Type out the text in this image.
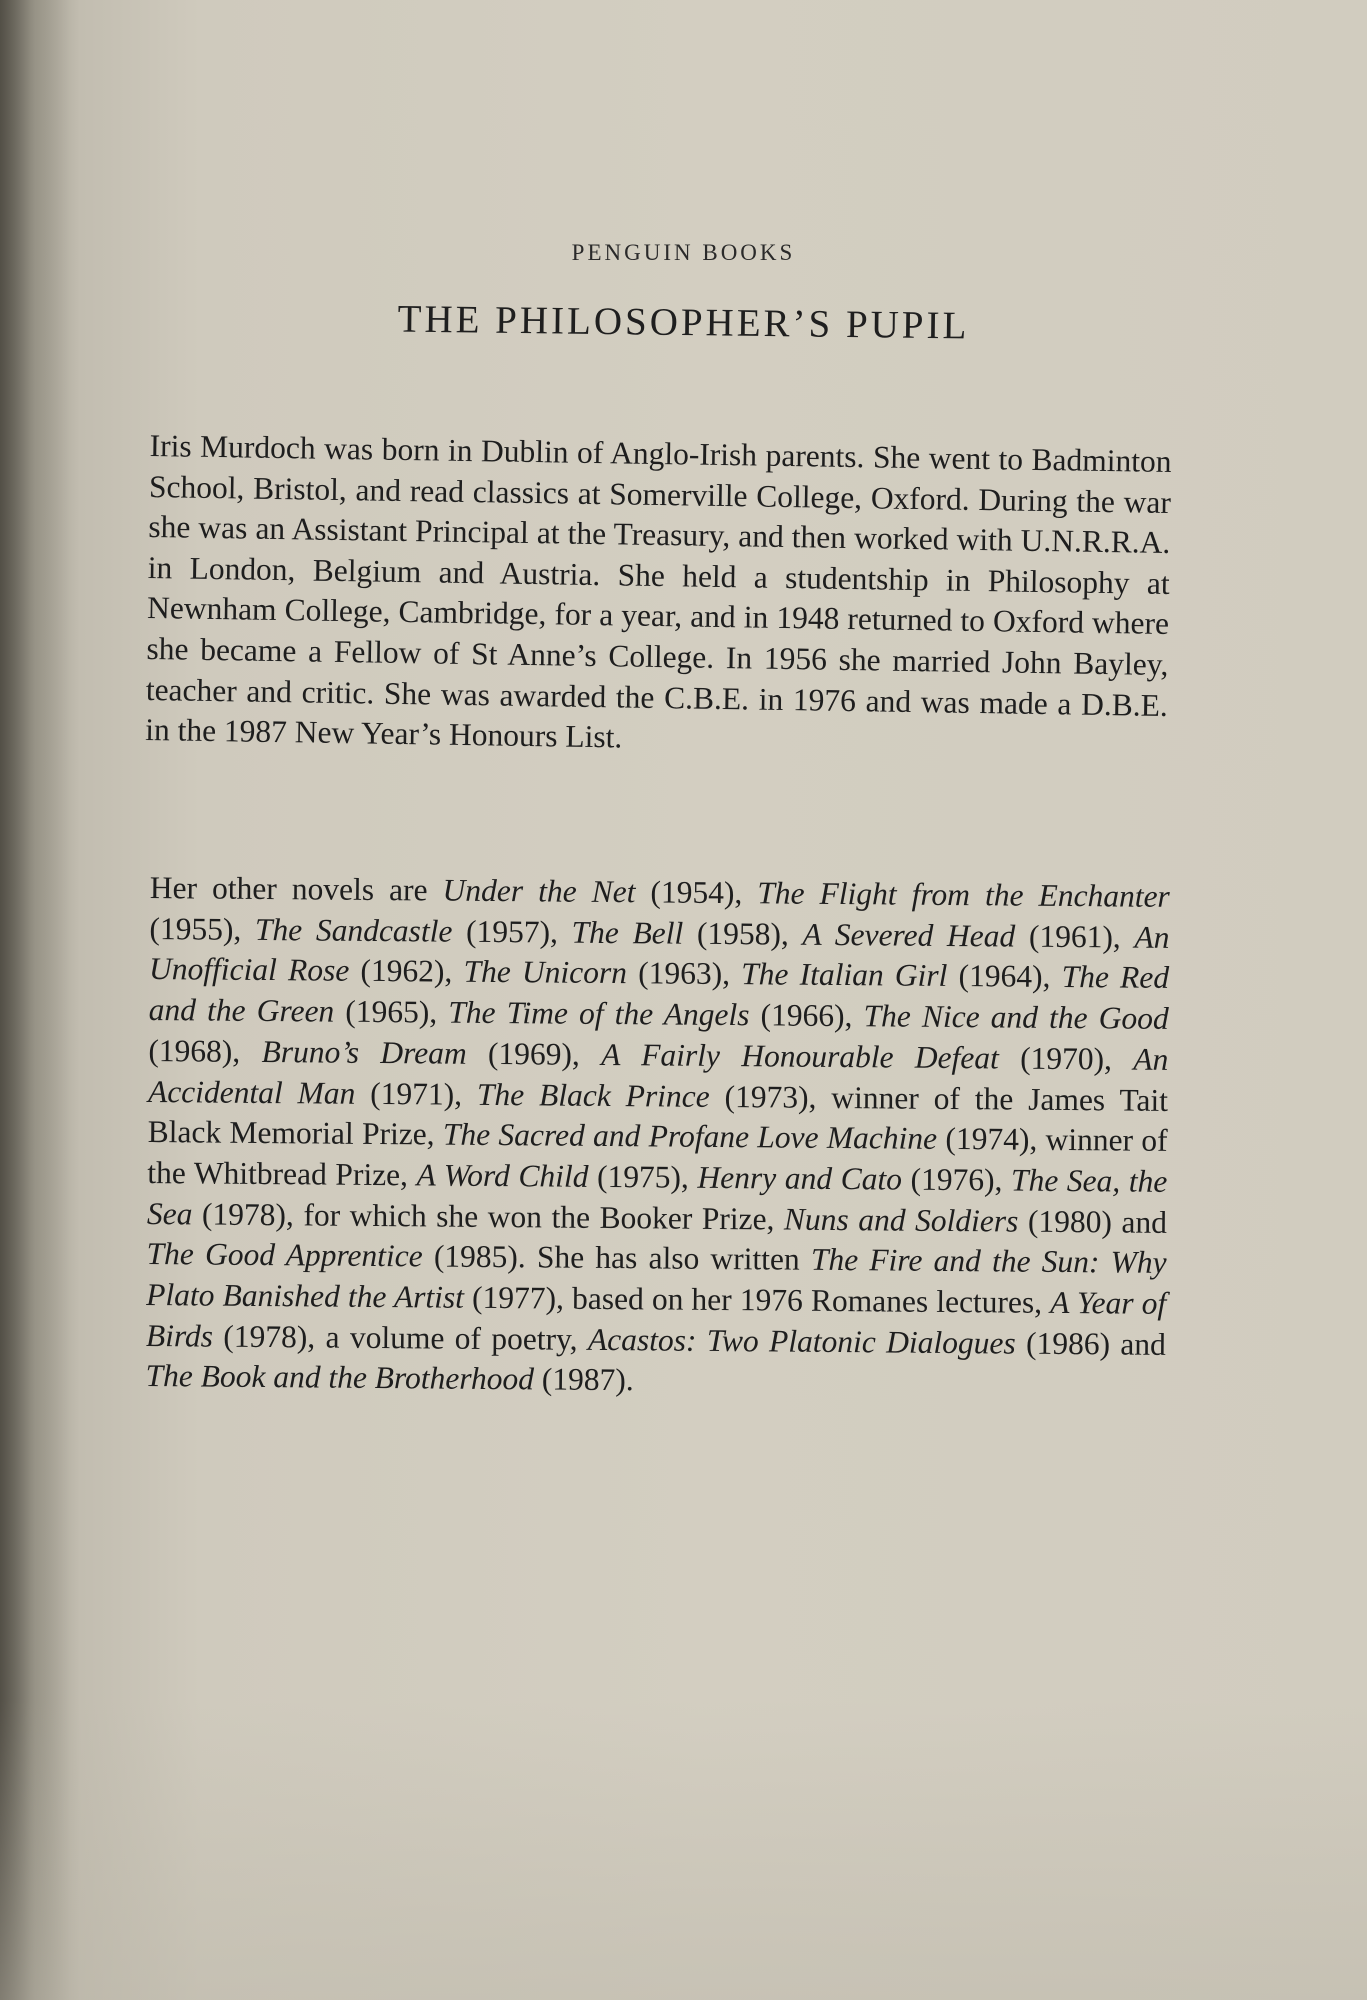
PENGUIN BOOKS
THE PHILOSOPHER’S PUPIL

Iris Murdoch was born in Dublin of Anglo-Irish parents. She went to Badminton School, Bristol, and read classics at Somerville College, Oxford. During the war she was an Assistant Principal at the Treasury, and then worked with U.N.R.R.A. in London, Belgium and Austria. She held a studentship in Philosophy at Newnham College, Cambridge, for a year, and in 1948 returned to Oxford where she became a Fellow of St Anne’s College. In 1956 she married John Bayley, teacher and critic. She was awarded the C.B.E. in 1976 and was made a D.B.E. in the 1987 New Year’s Honours List.

Her other novels are Under the Net (1954), The Flight from the Enchanter (1955), The Sandcastle (1957), The Bell (1958), A Severed Head (1961), An Unofficial Rose (1962), The Unicorn (1963), The Italian Girl (1964), The Red and the Green (1965), The Time of the Angels (1966), The Nice and the Good (1968), Bruno’s Dream (1969), A Fairly Honourable Defeat (1970), An Accidental Man (1971), The Black Prince (1973), winner of the James Tait Black Memorial Prize, The Sacred and Profane Love Machine (1974), winner of the Whitbread Prize, A Word Child (1975), Henry and Cato (1976), The Sea, the Sea (1978), for which she won the Booker Prize, Nuns and Soldiers (1980) and The Good Apprentice (1985). She has also written The Fire and the Sun: Why Plato Banished the Artist (1977), based on her 1976 Romanes lectures, A Year of Birds (1978), a volume of poetry, Acastos: Two Platonic Dialogues (1986) and The Book and the Brotherhood (1987).
